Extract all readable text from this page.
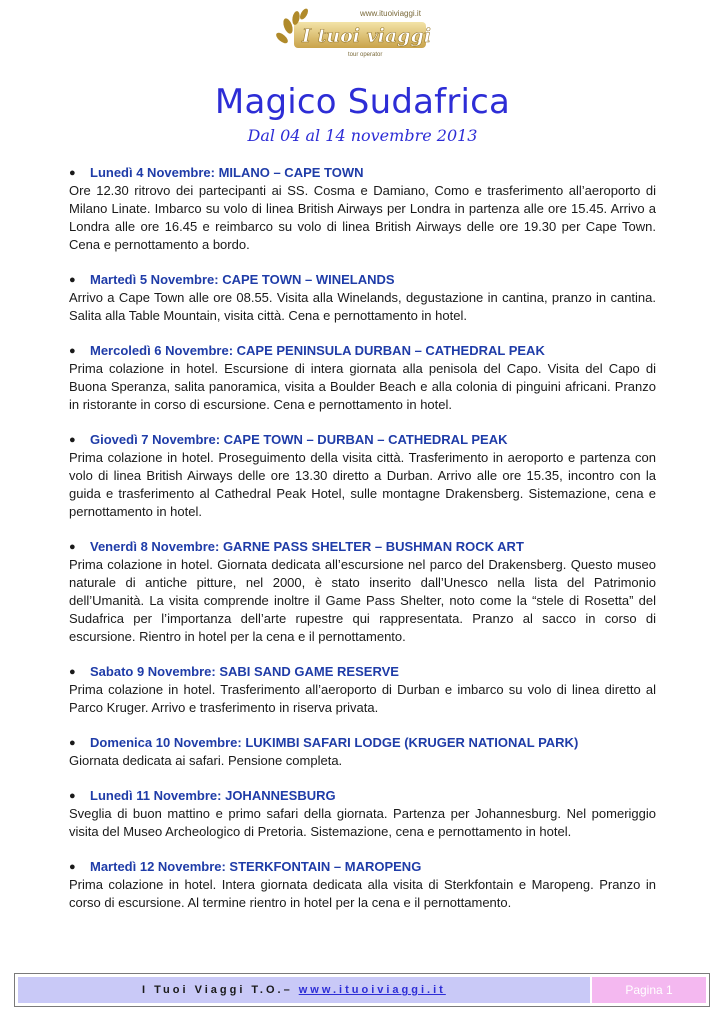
www.ituoiviaggi.it
I tuoi viaggi
tour operator
Magico Sudafrica
Dal 04 al 14 novembre 2013
●	Lunedì 4 Novembre: MILANO – CAPE TOWN
Ore 12.30 ritrovo dei partecipanti ai SS. Cosma e Damiano, Como e trasferimento all’aeroporto di Milano Linate. Imbarco su volo di linea British Airways per Londra in partenza alle ore 15.45. Arrivo a Londra alle ore 16.45 e reimbarco su volo di linea British Airways delle ore 19.30 per Cape Town. Cena e pernottamento a bordo.
●	Martedì 5 Novembre: CAPE TOWN – WINELANDS
Arrivo a Cape Town alle ore 08.55. Visita alla Winelands, degustazione in cantina, pranzo in cantina. Salita alla Table Mountain, visita città. Cena e pernottamento in hotel.
●	Mercoledì 6 Novembre: CAPE PENINSULA DURBAN – CATHEDRAL PEAK
Prima colazione in hotel. Escursione di intera giornata alla penisola del Capo. Visita del Capo di Buona Speranza, salita panoramica, visita a Boulder Beach e alla colonia di pinguini africani. Pranzo in ristorante in corso di escursione. Cena e pernottamento in hotel.
●	Giovedì 7 Novembre: CAPE TOWN – DURBAN – CATHEDRAL PEAK
Prima colazione in hotel. Proseguimento della visita città. Trasferimento in aeroporto e partenza con volo di linea British Airways delle ore 13.30 diretto a Durban. Arrivo alle ore 15.35, incontro con la guida e trasferimento al Cathedral Peak Hotel, sulle montagne Drakensberg. Sistemazione, cena e pernottamento in hotel.
●	Venerdì 8 Novembre: GARNE PASS SHELTER – BUSHMAN ROCK ART
Prima colazione in hotel. Giornata dedicata all’escursione nel parco del Drakensberg. Questo museo naturale di antiche pitture, nel 2000, è stato inserito dall’Unesco nella lista del Patrimonio dell’Umanità. La visita comprende inoltre il Game Pass Shelter, noto come la “stele di Rosetta” del Sudafrica per l’importanza dell’arte rupestre qui rappresentata. Pranzo al sacco in corso di escursione. Rientro in hotel per la cena e il pernottamento.
●	Sabato 9 Novembre: SABI SAND GAME RESERVE
Prima colazione in hotel. Trasferimento all’aeroporto di Durban e imbarco su volo di linea diretto al Parco Kruger. Arrivo e trasferimento in riserva privata.
●	Domenica 10 Novembre: LUKIMBI SAFARI LODGE (KRUGER NATIONAL PARK)
Giornata dedicata ai safari. Pensione completa.
●	Lunedì 11 Novembre: JOHANNESBURG
Sveglia di buon mattino e primo safari della giornata. Partenza per Johannesburg. Nel pomeriggio visita del Museo Archeologico di Pretoria. Sistemazione, cena e pernottamento in hotel.
●	Martedì 12 Novembre: STERKFONTAIN – MAROPENG
Prima colazione in hotel. Intera giornata dedicata alla visita di Sterkfontain e Maropeng. Pranzo in corso di escursione. Al termine rientro in hotel per la cena e il pernottamento.
I Tuoi Viaggi T.O.– www.ituoiviaggi.it	Pagina 1
